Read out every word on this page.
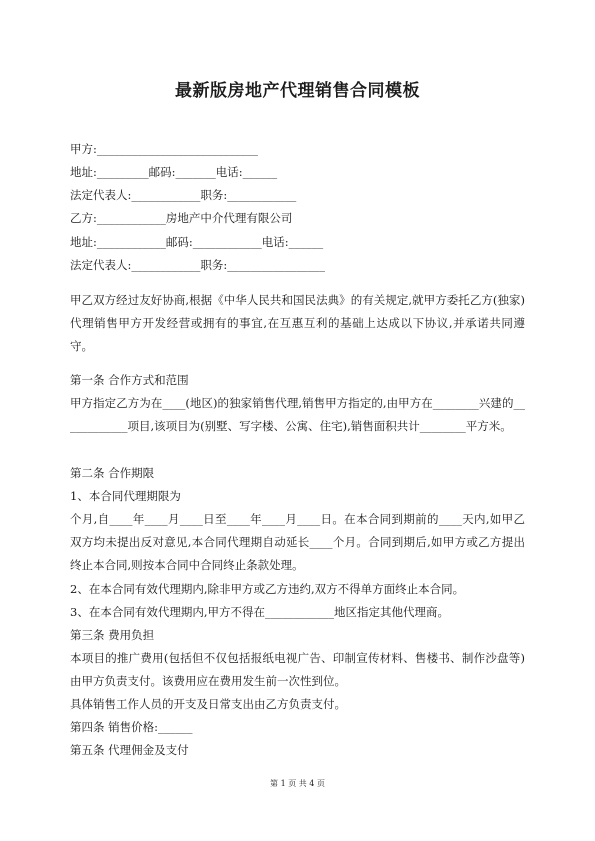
最新版房地产代理销售合同模板
甲方:____________________________
地址:_________邮码:_______电话:______
法定代表人:____________职务:____________
乙方:____________房地产中介代理有限公司
地址:____________邮码:____________电话:______
法定代表人:____________职务:_________________
甲乙双方经过友好协商,根据《中华人民共和国民法典》的有关规定,就甲方委托乙方(独家)代理销售甲方开发经营或拥有的事宜,在互惠互利的基础上达成以下协议,并承诺共同遵守。
第一条 合作方式和范围
甲方指定乙方为在____(地区)的独家销售代理,销售甲方指定的,由甲方在________兴建的____________项目,该项目为(别墅、写字楼、公寓、住宅),销售面积共计________平方米。
第二条 合作期限
1、本合同代理期限为
个月,自____年____月____日至____年____月____日。在本合同到期前的____天内,如甲乙双方均未提出反对意见,本合同代理期自动延长____个月。合同到期后,如甲方或乙方提出终止本合同,则按本合同中合同终止条款处理。
2、在本合同有效代理期内,除非甲方或乙方违约,双方不得单方面终止本合同。
3、在本合同有效代理期内,甲方不得在____________地区指定其他代理商。
第三条 费用负担
本项目的推广费用(包括但不仅包括报纸电视广告、印制宣传材料、售楼书、制作沙盘等)由甲方负责支付。该费用应在费用发生前一次性到位。
具体销售工作人员的开支及日常支出由乙方负责支付。
第四条 销售价格:______
第五条 代理佣金及支付
第 1 页 共 4 页
